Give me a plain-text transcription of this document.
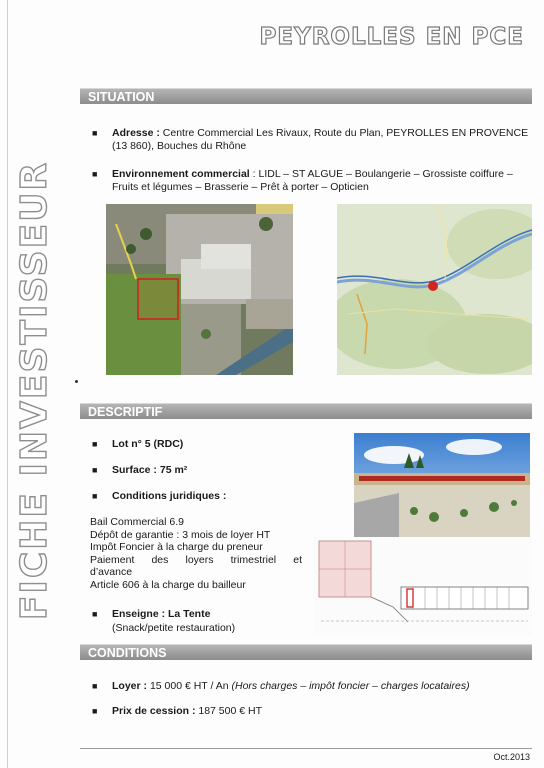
FICHE INVESTISSEUR
PEYROLLES EN PCE
SITUATION
■ Adresse : Centre Commercial Les Rivaux, Route du Plan, PEYROLLES EN PROVENCE (13 860), Bouches du Rhône
■ Environnement commercial : LIDL – ST ALGUE – Boulangerie – Grossiste coiffure – Fruits et légumes – Brasserie – Prêt à porter – Opticien
DESCRIPTIF
■ Lot n° 5 (RDC)
■ Surface : 75 m²
■ Conditions juridiques :
Bail Commercial 6.9
Dépôt de garantie : 3 mois de loyer HT
Impôt Foncier à la charge du preneur
Paiement des loyers trimestriel et
d’avance
Article 606 à la charge du bailleur
■ Enseigne : La Tente
(Snack/petite restauration)
CONDITIONS
■ Loyer : 15 000 € HT / An (Hors charges – impôt foncier – charges locataires)
■ Prix de cession : 187 500 € HT
Oct.2013
